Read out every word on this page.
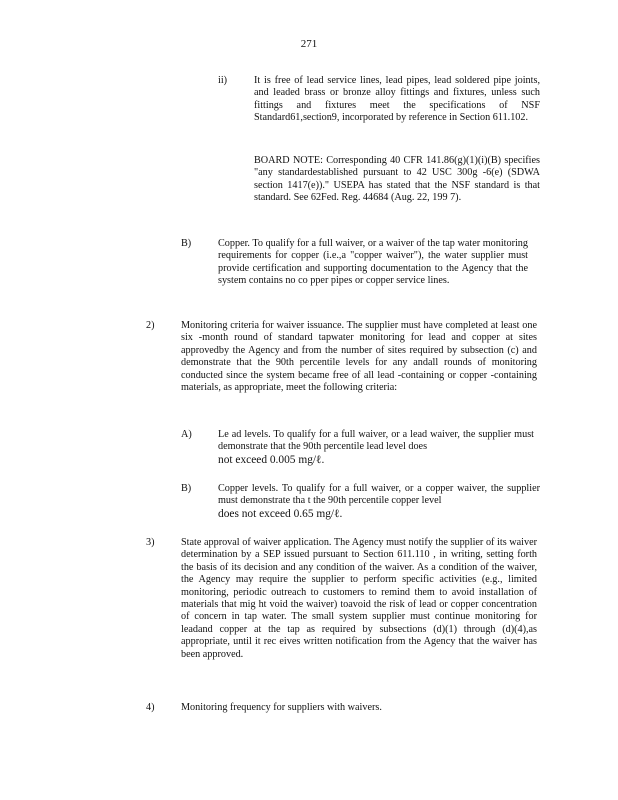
271
ii)	It is free of lead service lines, lead pipes, lead soldered pipe joints, and leaded brass or bronze alloy fittings and fixtures, unless such fittings and fixtures meet the specifications of NSF Standard61,section9, incorporated by reference in Section 611.102.

BOARD NOTE: Corresponding 40 CFR 141.86(g)(1)(i)(B) specifies "any standardestablished pursuant to 42 USC 300g -6(e) (SDWA section 1417(e))." USEPA has stated that the NSF standard is that standard. See 62Fed. Reg. 44684 (Aug. 22, 199 7).

B)	Copper. To qualify for a full waiver, or a waiver of the tap water monitoring requirements for copper (i.e.,a "copper waiver"), the water supplier must provide certification and supporting documentation to the Agency that the system contains no co pper pipes or copper service lines.

2)	Monitoring criteria for waiver issuance. The supplier must have completed at least one six -month round of standard tapwater monitoring for lead and copper at sites approvedby the Agency and from the number of sites required by subsection (c) and demonstrate that the 90th percentile levels for any andall rounds of monitoring conducted since the system became free of all lead -containing or copper -containing materials, as appropriate, meet the following criteria:

A)	Le ad levels. To qualify for a full waiver, or a lead waiver, the supplier must demonstrate that the 90th percentile lead level does

not exceed 0.005 mg/ℓ.

B)	Copper levels. To qualify for a full waiver, or a copper waiver, the supplier must demonstrate tha t the 90th percentile copper level

does not exceed 0.65 mg/ℓ.

3)	State approval of waiver application. The Agency must notify the supplier of its waiver determination by a SEP issued pursuant to Section 611.110 , in writing, setting forth the basis of its decision and any condition of the waiver. As a condition of the waiver, the Agency may require the supplier to perform specific activities (e.g., limited monitoring, periodic outreach to customers to remind them to avoid installation of materials that mig ht void the waiver) toavoid the risk of lead or copper concentration of concern in tap water. The small system supplier must continue monitoring for leadand copper at the tap as required by subsections (d)(1) through (d)(4),as appropriate, until it rec eives written notification from the Agency that the waiver has been approved.

4)	Monitoring frequency for suppliers with waivers.
